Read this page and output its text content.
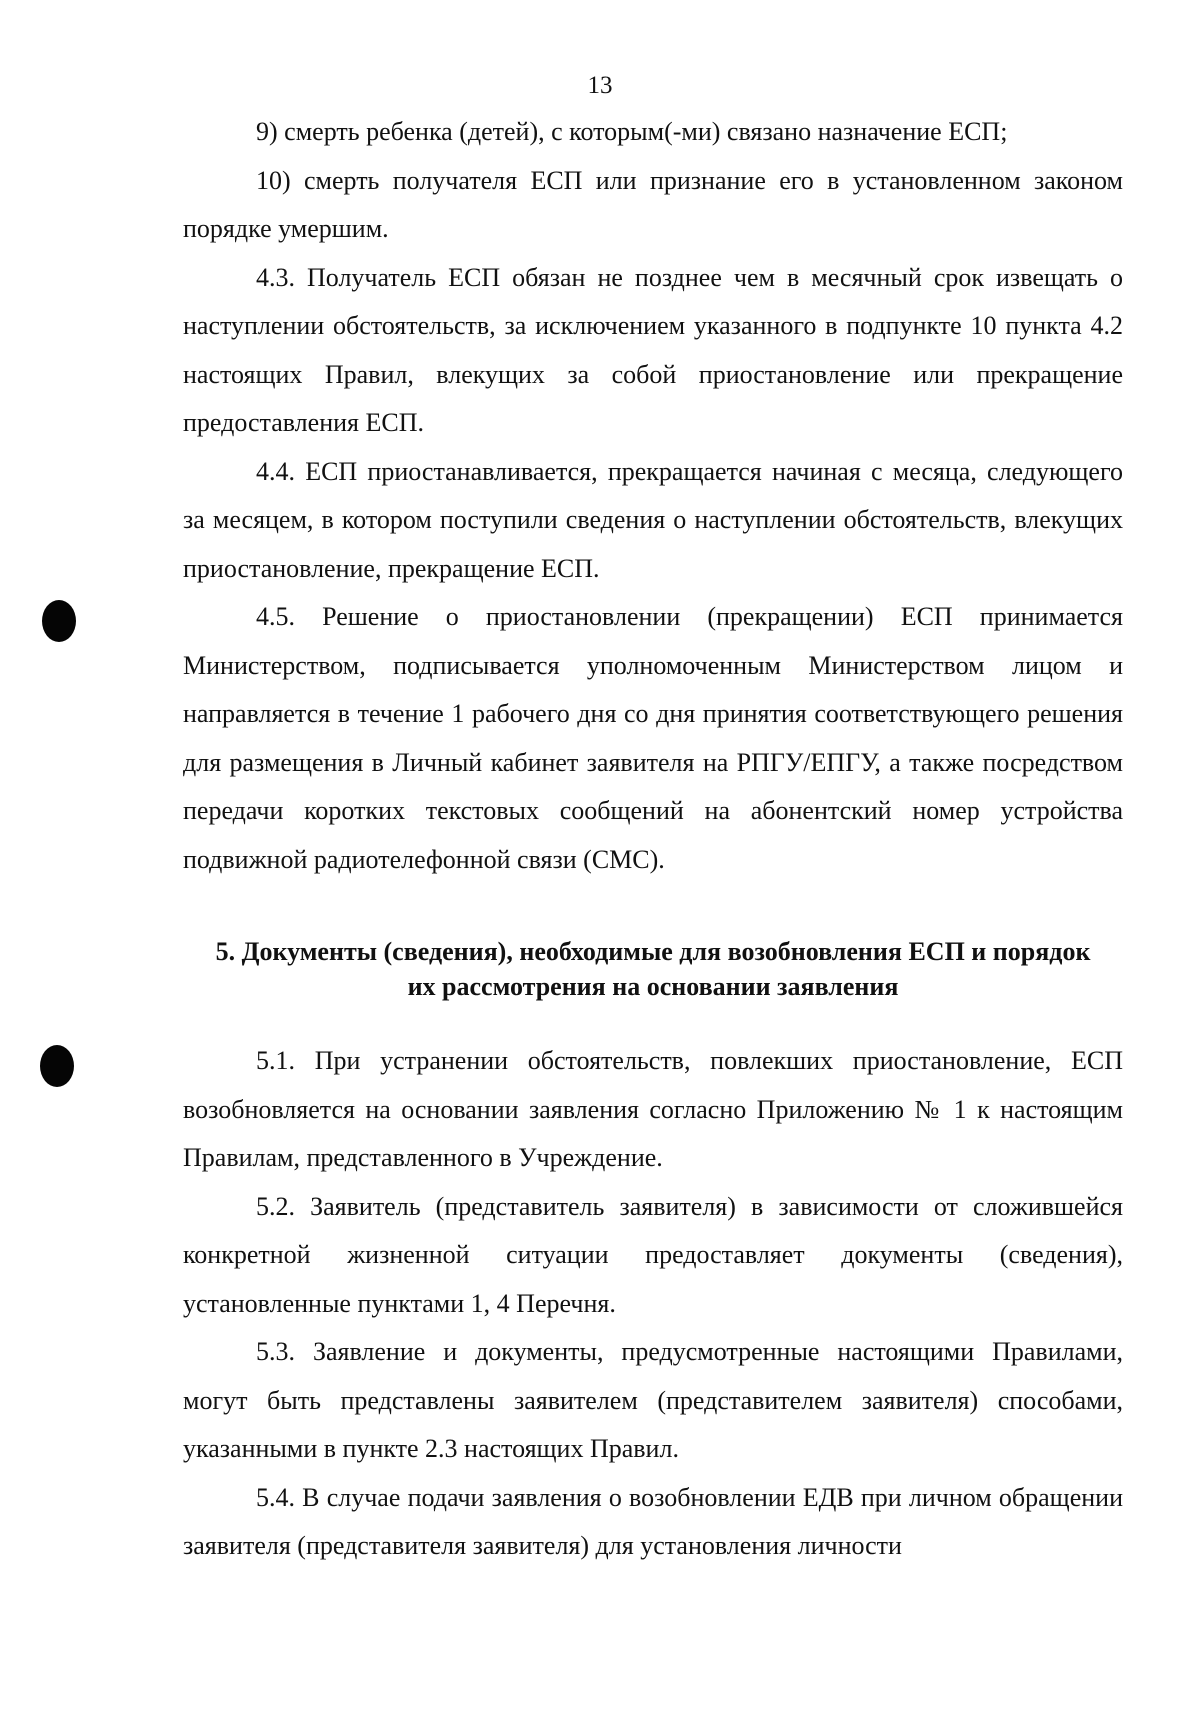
13

9) смерть ребенка (детей), с которым(-ми) связано назначение ЕСП;

10) смерть получателя ЕСП или признание его в установленном законом порядке умершим.

4.3. Получатель ЕСП обязан не позднее чем в месячный срок извещать о наступлении обстоятельств, за исключением указанного в подпункте 10 пункта 4.2 настоящих Правил, влекущих за собой приостановление или прекращение предоставления ЕСП.

4.4. ЕСП приостанавливается, прекращается начиная с месяца, следующего за месяцем, в котором поступили сведения о наступлении обстоятельств, влекущих приостановление, прекращение ЕСП.

4.5. Решение о приостановлении (прекращении) ЕСП принимается Министерством, подписывается уполномоченным Министерством лицом и направляется в течение 1 рабочего дня со дня принятия соответствующего решения для размещения в Личный кабинет заявителя на РПГУ/ЕПГУ, а также посредством передачи коротких текстовых сообщений на абонентский номер устройства подвижной радиотелефонной связи (СМС).

5. Документы (сведения), необходимые для возобновления ЕСП и порядок их рассмотрения на основании заявления

5.1. При устранении обстоятельств, повлекших приостановление, ЕСП возобновляется на основании заявления согласно Приложению № 1 к настоящим Правилам, представленного в Учреждение.

5.2. Заявитель (представитель заявителя) в зависимости от сложившейся конкретной жизненной ситуации предоставляет документы (сведения), установленные пунктами 1, 4 Перечня.

5.3. Заявление и документы, предусмотренные настоящими Правилами, могут быть представлены заявителем (представителем заявителя) способами, указанными в пункте 2.3 настоящих Правил.

5.4. В случае подачи заявления о возобновлении ЕДВ при личном обращении заявителя (представителя заявителя) для установления личности
